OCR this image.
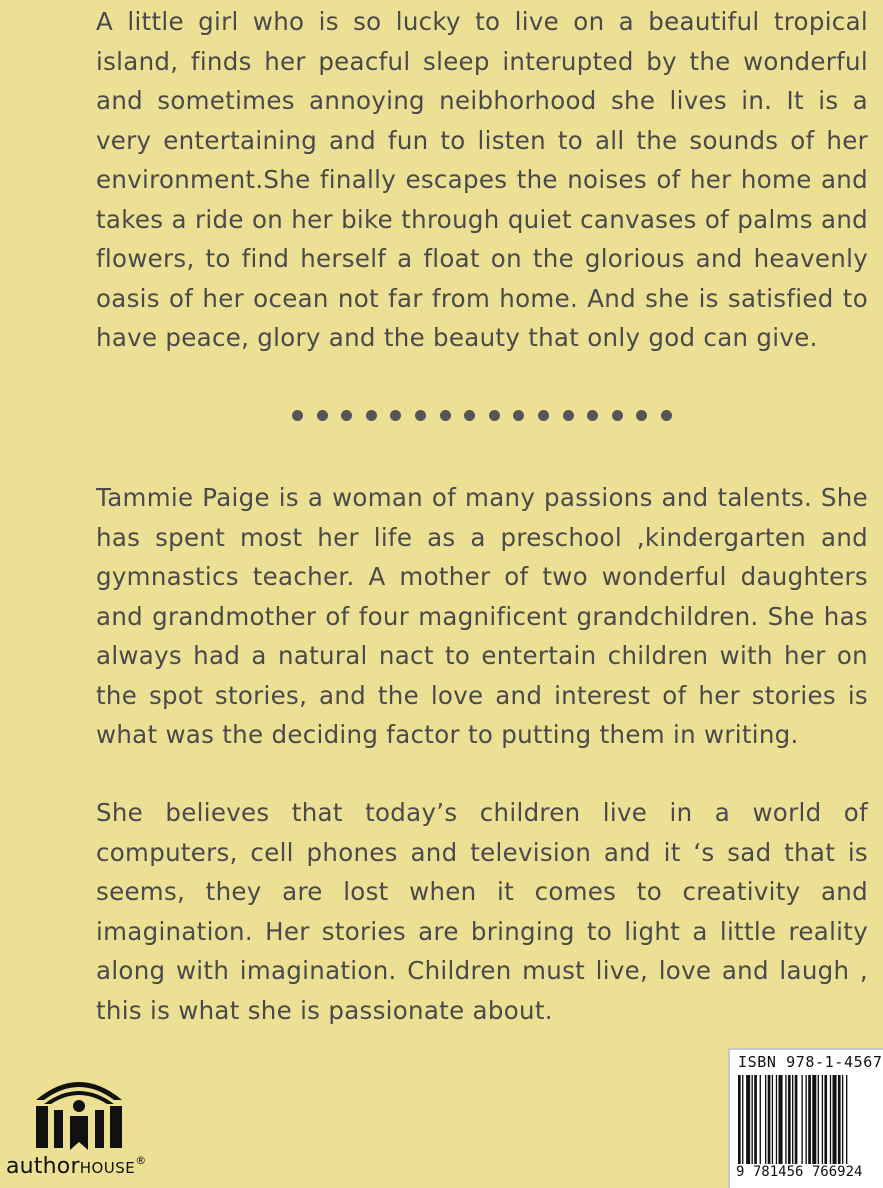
A little girl who is so lucky to live on a beautiful tropical island, finds her peacful sleep interupted by the wonderful and sometimes annoying neibhorhood she lives in. It is a very entertaining and fun to listen to all the sounds of her environment.She finally escapes the noises of her home and takes a ride on her bike through quiet canvases of palms and flowers, to find herself a float on the glorious and heavenly oasis of her ocean not far from home. And she is satisfied to have peace, glory and the beauty that only god can give.

Tammie Paige is a woman of many passions and talents. She has spent most her life as a preschool ,kindergarten and gymnastics teacher. A mother of two wonderful daughters and grandmother of four magnificent grandchildren. She has always had a natural nact to entertain children with her on the spot stories, and the love and interest of her stories is what was the deciding factor to putting them in writing.

She believes that today’s children live in a world of computers, cell phones and television and it ‘s sad that is seems, they are lost when it comes to creativity and imagination. Her stories are bringing to light a little reality along with imagination. Children must live, love and laugh , this is what she is passionate about.

authorHOUSE®
ISBN 978-1-4567
9 781456 766924
